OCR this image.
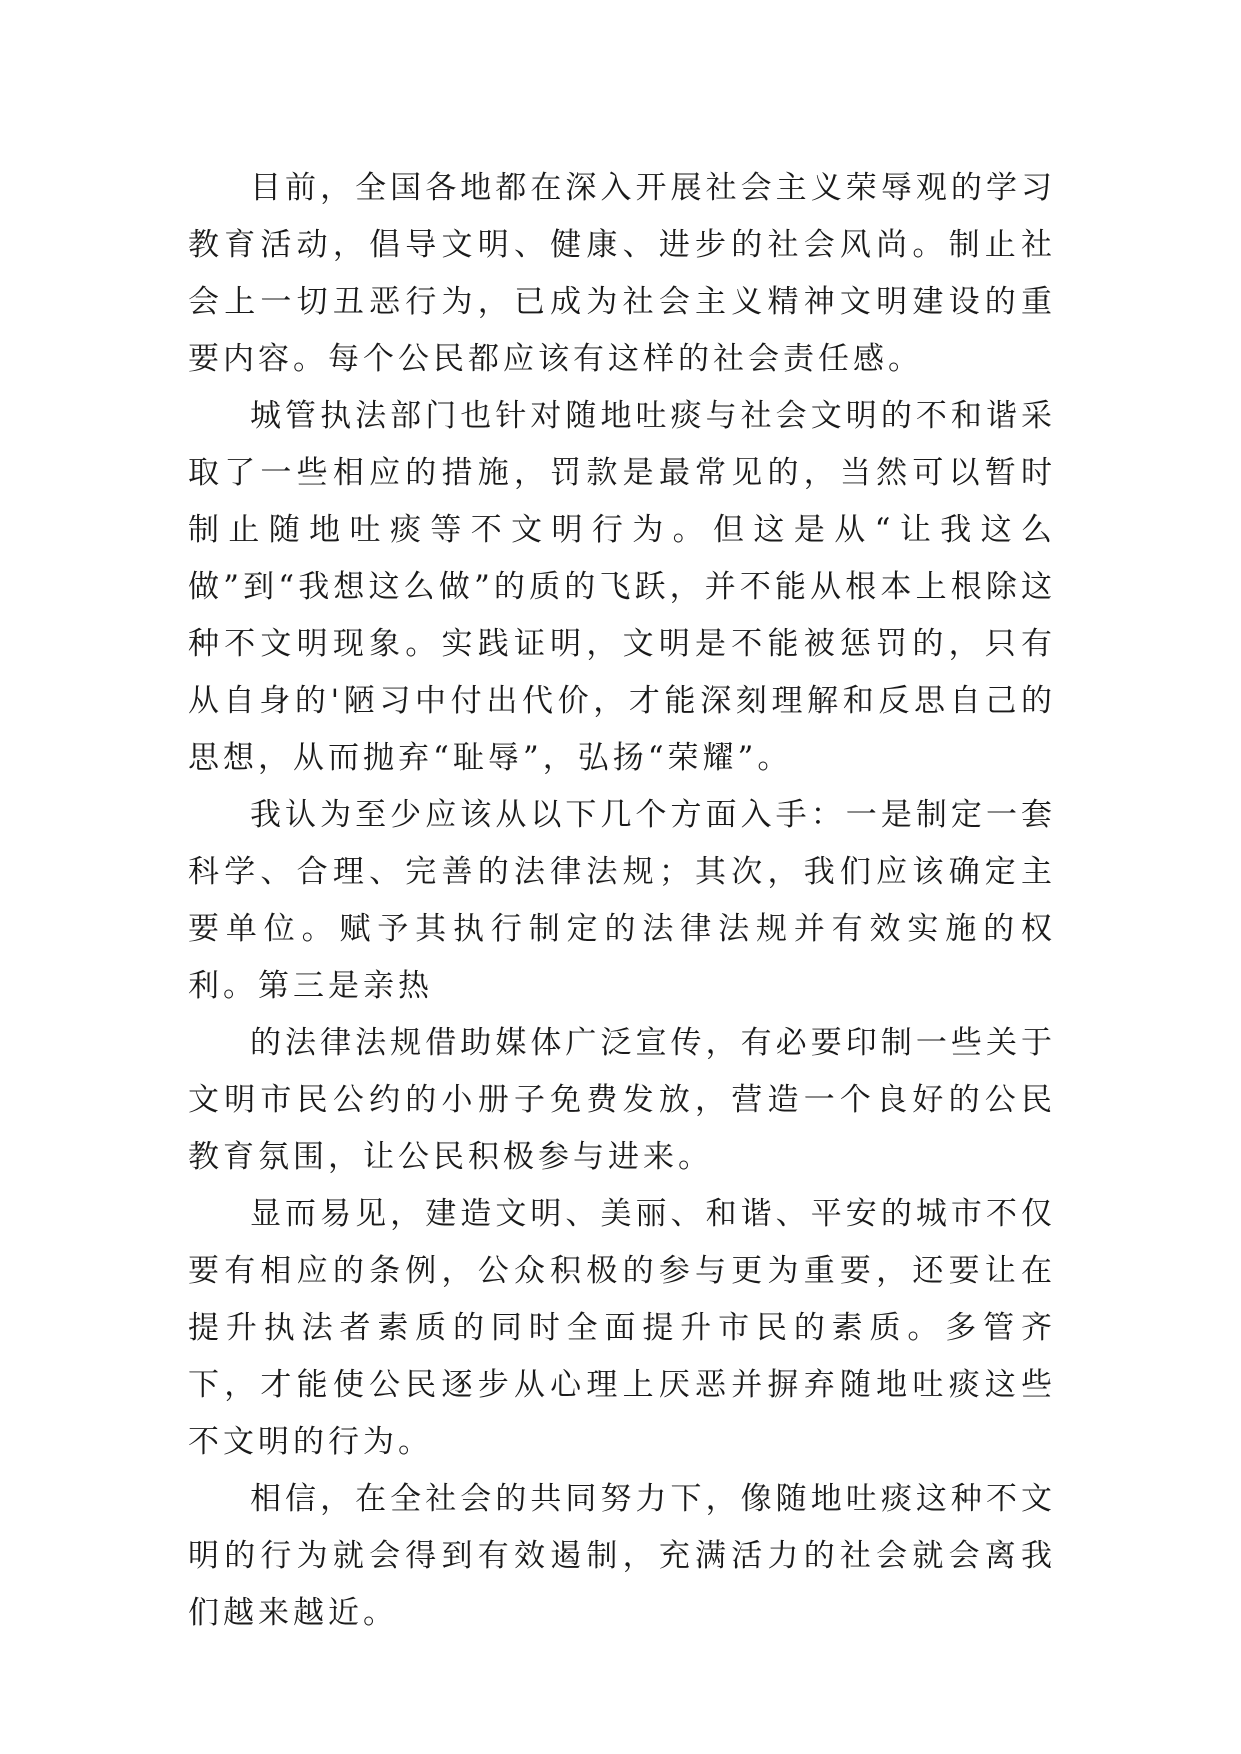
目前，全国各地都在深入开展社会主义荣辱观的学习教育活动，倡导文明、健康、进步的社会风尚。制止社会上一切丑恶行为，已成为社会主义精神文明建设的重要内容。每个公民都应该有这样的社会责任感。

城管执法部门也针对随地吐痰与社会文明的不和谐采取了一些相应的措施，罚款是最常见的，当然可以暂时制止随地吐痰等不文明行为。但这是从“让我这么做”到“我想这么做”的质的飞跃，并不能从根本上根除这种不文明现象。实践证明，文明是不能被惩罚的，只有从自身的'陋习中付出代价，才能深刻理解和反思自己的思想，从而抛弃“耻辱”，弘扬“荣耀”。

我认为至少应该从以下几个方面入手：一是制定一套科学、合理、完善的法律法规；其次，我们应该确定主要单位。赋予其执行制定的法律法规并有效实施的权利。第三是亲热

的法律法规借助媒体广泛宣传，有必要印制一些关于文明市民公约的小册子免费发放，营造一个良好的公民教育氛围，让公民积极参与进来。

显而易见，建造文明、美丽、和谐、平安的城市不仅要有相应的条例，公众积极的参与更为重要，还要让在提升执法者素质的同时全面提升市民的素质。多管齐下，才能使公民逐步从心理上厌恶并摒弃随地吐痰这些不文明的行为。

相信，在全社会的共同努力下，像随地吐痰这种不文明的行为就会得到有效遏制，充满活力的社会就会离我们越来越近。
